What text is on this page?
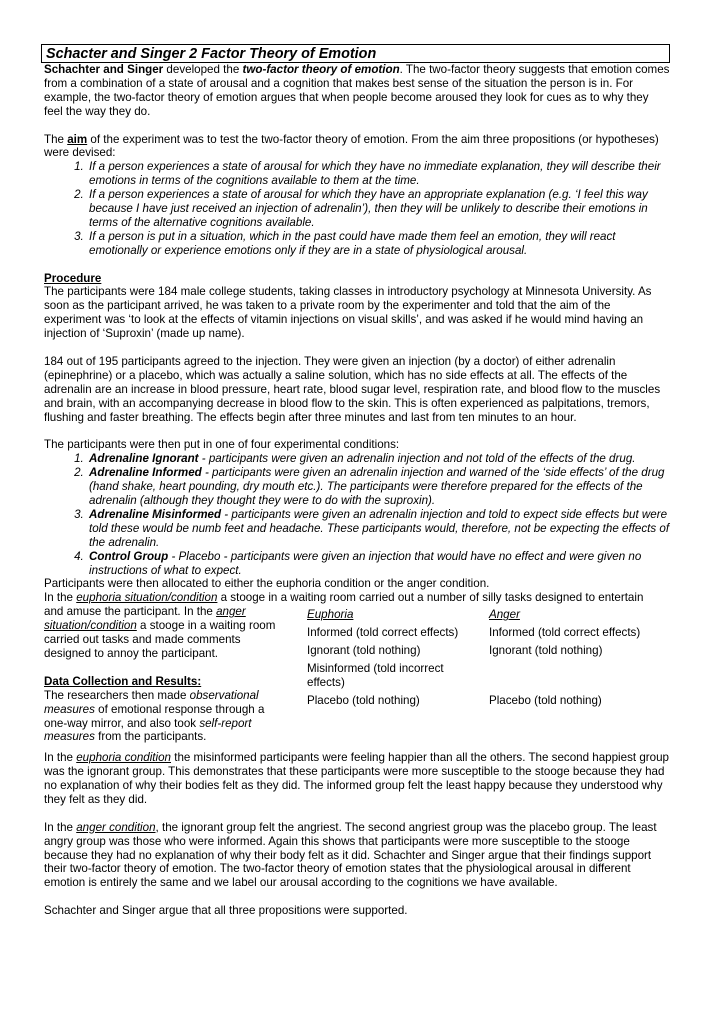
Schacter and Singer 2 Factor Theory of Emotion

Schachter and Singer developed the two-factor theory of emotion. The two-factor theory suggests that emotion comes from a combination of a state of arousal and a cognition that makes best sense of the situation the person is in. For example, the two-factor theory of emotion argues that when people become aroused they look for cues as to why they feel the way they do.

The aim of the experiment was to test the two-factor theory of emotion. From the aim three propositions (or hypotheses) were devised:

1. If a person experiences a state of arousal for which they have no immediate explanation, they will describe their emotions in terms of the cognitions available to them at the time.
2. If a person experiences a state of arousal for which they have an appropriate explanation (e.g. ‘I feel this way because I have just received an injection of adrenalin’), then they will be unlikely to describe their emotions in terms of the alternative cognitions available.
3. If a person is put in a situation, which in the past could have made them feel an emotion, they will react emotionally or experience emotions only if they are in a state of physiological arousal.

Procedure

The participants were 184 male college students, taking classes in introductory psychology at Minnesota University. As soon as the participant arrived, he was taken to a private room by the experimenter and told that the aim of the experiment was ‘to look at the effects of vitamin injections on visual skills’, and was asked if he would mind having an injection of ‘Suproxin’ (made up name).

184 out of 195 participants agreed to the injection. They were given an injection (by a doctor) of either adrenalin (epinephrine) or a placebo, which was actually a saline solution, which has no side effects at all. The effects of the adrenalin are an increase in blood pressure, heart rate, blood sugar level, respiration rate, and blood flow to the muscles and brain, with an accompanying decrease in blood flow to the skin. This is often experienced as palpitations, tremors, flushing and faster breathing. The effects begin after three minutes and last from ten minutes to an hour.

The participants were then put in one of four experimental conditions:

1. Adrenaline Ignorant - participants were given an adrenalin injection and not told of the effects of the drug.
2. Adrenaline Informed - participants were given an adrenalin injection and warned of the ‘side effects’ of the drug (hand shake, heart pounding, dry mouth etc.). The participants were therefore prepared for the effects of the adrenalin (although they thought they were to do with the suproxin).
3. Adrenaline Misinformed - participants were given an adrenalin injection and told to expect side effects but were told these would be numb feet and headache. These participants would, therefore, not be expecting the effects of the adrenalin.
4. Control Group - Placebo - participants were given an injection that would have no effect and were given no instructions of what to expect.

Participants were then allocated to either the euphoria condition or the anger condition.

In the euphoria situation/condition a stooge in a waiting room carried out a number of silly tasks designed to entertain

and amuse the participant. In the anger situation/condition a stooge in a waiting room carried out tasks and made comments designed to annoy the participant.

Data Collection and Results:

The researchers then made observational measures of emotional response through a one-way mirror, and also took self-report measures from the participants.

Euphoria	Anger
Informed (told correct effects)	Informed (told correct effects)
Ignorant (told nothing)	Ignorant (told nothing)
Misinformed (told incorrect effects)
Placebo (told nothing)	Placebo (told nothing)

In the euphoria condition the misinformed participants were feeling happier than all the others. The second happiest group was the ignorant group. This demonstrates that these participants were more susceptible to the stooge because they had no explanation of why their bodies felt as they did. The informed group felt the least happy because they understood why they felt as they did.

In the anger condition, the ignorant group felt the angriest. The second angriest group was the placebo group. The least angry group was those who were informed. Again this shows that participants were more susceptible to the stooge because they had no explanation of why their body felt as it did. Schachter and Singer argue that their findings support their two-factor theory of emotion. The two-factor theory of emotion states that the physiological arousal in different emotion is entirely the same and we label our arousal according to the cognitions we have available.

Schachter and Singer argue that all three propositions were supported.
